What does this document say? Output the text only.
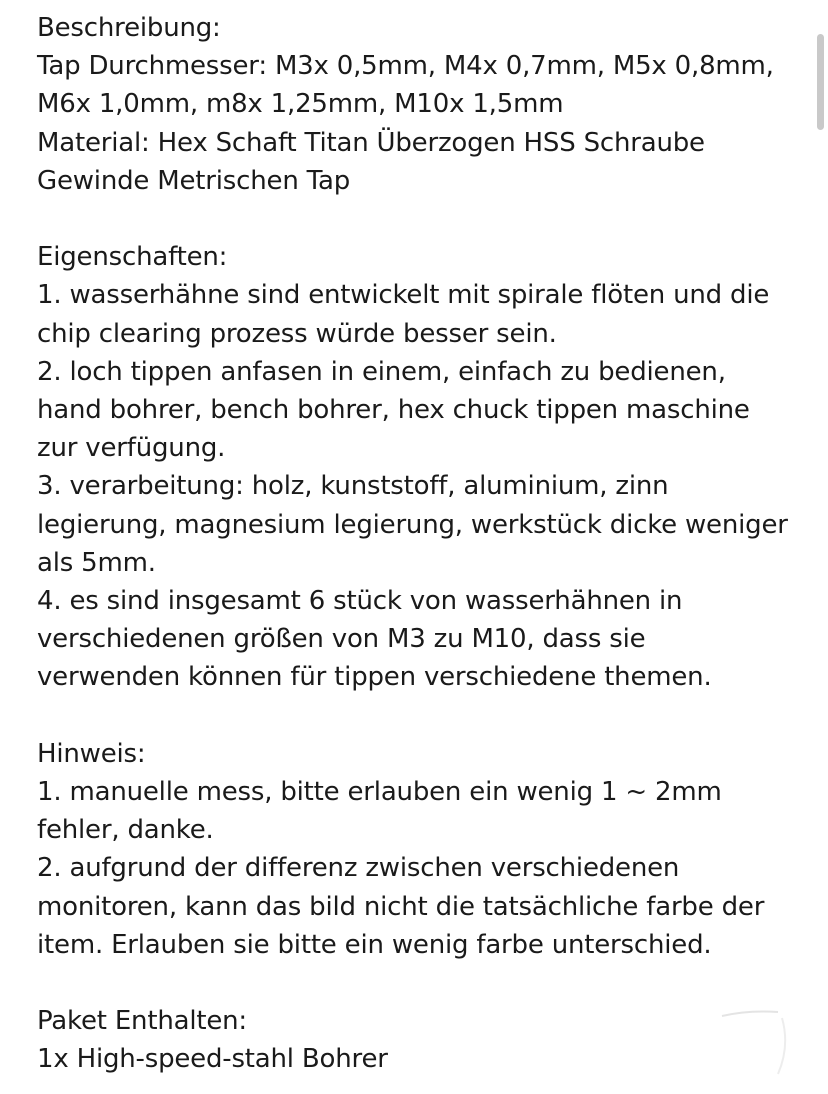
Beschreibung:
Tap Durchmesser: M3x 0,5mm, M4x 0,7mm, M5x 0,8mm,
M6x 1,0mm, m8x 1,25mm, M10x 1,5mm
Material: Hex Schaft Titan Überzogen HSS Schraube
Gewinde Metrischen Tap
Eigenschaften:
1. wasserhähne sind entwickelt mit spirale flöten und die
chip clearing prozess würde besser sein.
2. loch tippen anfasen in einem, einfach zu bedienen,
hand bohrer, bench bohrer, hex chuck tippen maschine
zur verfügung.
3. verarbeitung: holz, kunststoff, aluminium, zinn
legierung, magnesium legierung, werkstück dicke weniger
als 5mm.
4. es sind insgesamt 6 stück von wasserhähnen in
verschiedenen größen von M3 zu M10, dass sie
verwenden können für tippen verschiedene themen.
Hinweis:
1. manuelle mess, bitte erlauben ein wenig 1 ~ 2mm
fehler, danke.
2. aufgrund der differenz zwischen verschiedenen
monitoren, kann das bild nicht die tatsächliche farbe der
item. Erlauben sie bitte ein wenig farbe unterschied.
Paket Enthalten:
1x High-speed-stahl Bohrer
